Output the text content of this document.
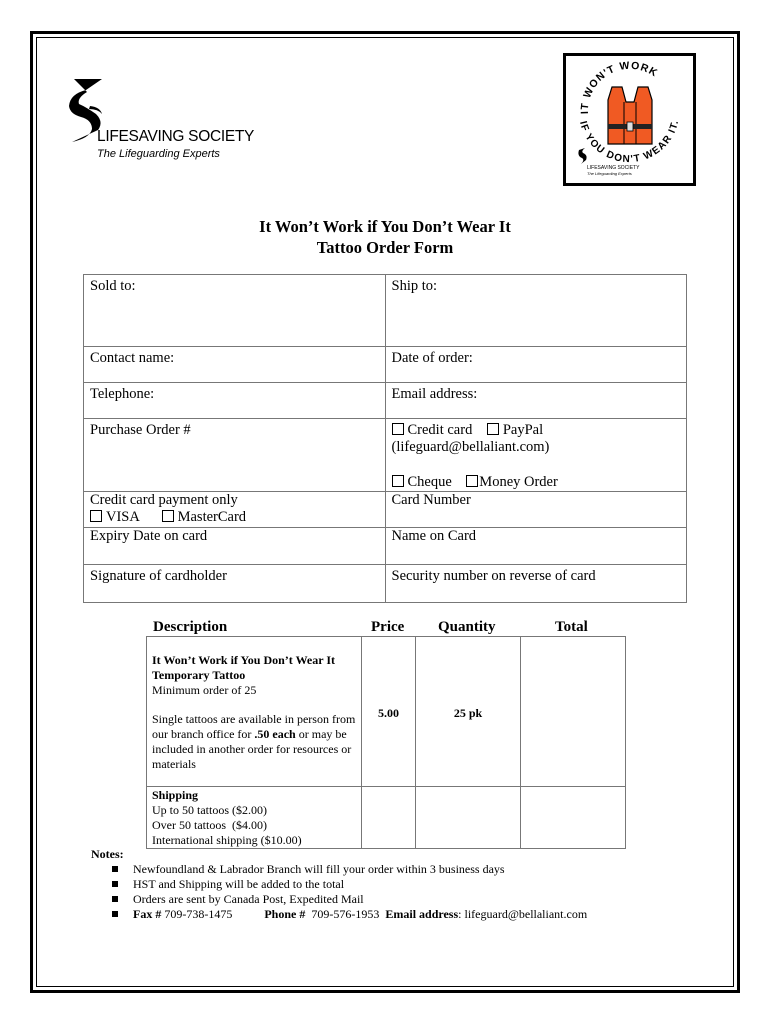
LIFESAVING SOCIETY
The Lifeguarding Experts
IT WON'T WORK
IF YOU DON'T WEAR IT.
LIFESAVING SOCIETY
The Lifeguarding Experts
It Won’t Work if You Don’t Wear It
Tattoo Order Form
Sold to:	Ship to:
Contact name:	Date of order:
Telephone:	Email address:
Purchase Order #	Credit card PayPal
(lifeguard@bellaliant.com)
Cheque Money Order

Credit card payment only
VISA MasterCard	Card Number
Expiry Date on card	Name on Card
Signature of cardholder	Security number on reverse of card
Description	Price Quantity	Total
It Won’t Work if You Don’t Wear It
Temporary Tattoo
Minimum order of 25

Single tattoos are available in person from our branch office for .50 each or may be included in another order for resources or materials	5.00	25 pk	
Shipping
Up to 50 tattoos ($2.00)
Over 50 tattoos  ($4.00)
International shipping ($10.00)			
Notes:
Newfoundland & Labrador Branch will fill your order within 3 business days
HST and Shipping will be added to the total
Orders are sent by Canada Post, Expedited Mail
Fax # 709-738-1475	Phone # 709-576-1953 Email address: lifeguard@bellaliant.com
